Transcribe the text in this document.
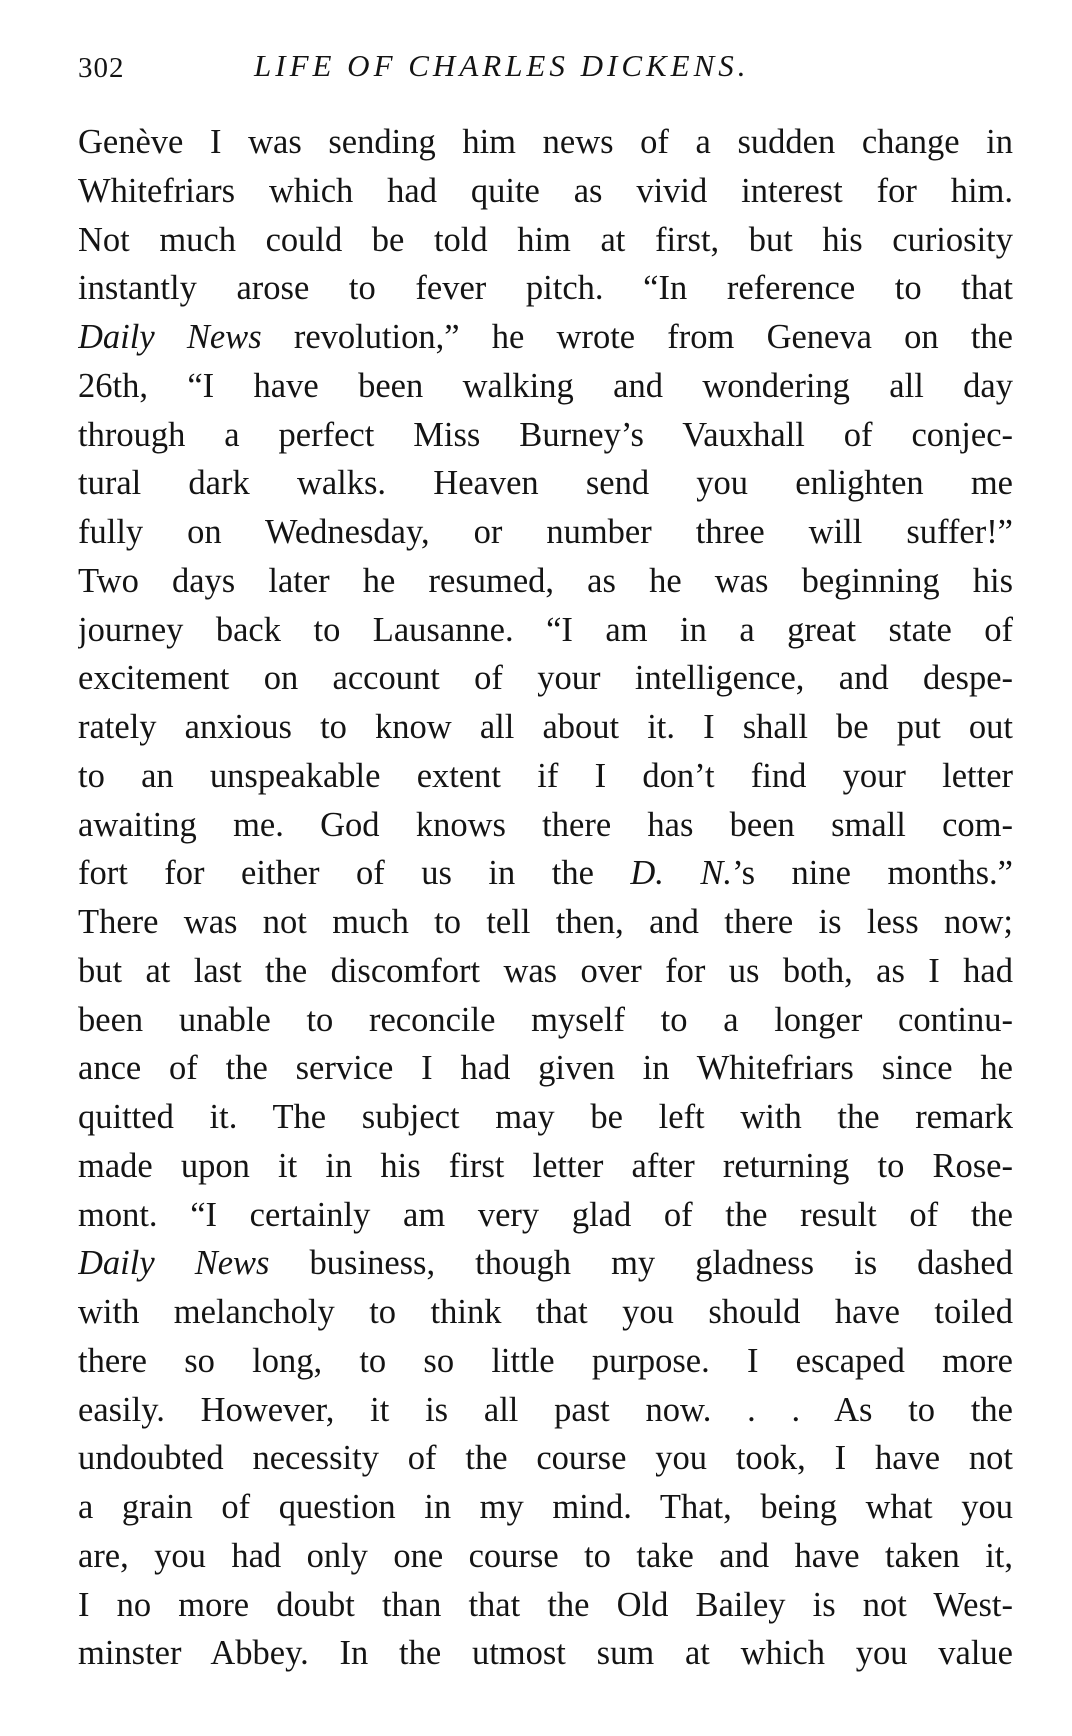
302	LIFE OF CHARLES DICKENS.
Genève I was sending him news of a sudden change in
Whitefriars which had quite as vivid interest for him.
Not much could be told him at first, but his curiosity
instantly arose to fever pitch. “In reference to that
Daily News revolution,” he wrote from Geneva on the
26th, “I have been walking and wondering all day
through a perfect Miss Burney’s Vauxhall of conjec-
tural dark walks. Heaven send you enlighten me
fully on Wednesday, or number three will suffer!”
Two days later he resumed, as he was beginning his
journey back to Lausanne. “I am in a great state of
excitement on account of your intelligence, and despe-
rately anxious to know all about it. I shall be put out
to an unspeakable extent if I don’t find your letter
awaiting me. God knows there has been small com-
fort for either of us in the D. N.’s nine months.”
There was not much to tell then, and there is less now;
but at last the discomfort was over for us both, as I had
been unable to reconcile myself to a longer continu-
ance of the service I had given in Whitefriars since he
quitted it. The subject may be left with the remark
made upon it in his first letter after returning to Rose-
mont. “I certainly am very glad of the result of the
Daily News business, though my gladness is dashed
with melancholy to think that you should have toiled
there so long, to so little purpose. I escaped more
easily. However, it is all past now. . . As to the
undoubted necessity of the course you took, I have not
a grain of question in my mind. That, being what you
are, you had only one course to take and have taken it,
I no more doubt than that the Old Bailey is not West-
minster Abbey. In the utmost sum at which you value
